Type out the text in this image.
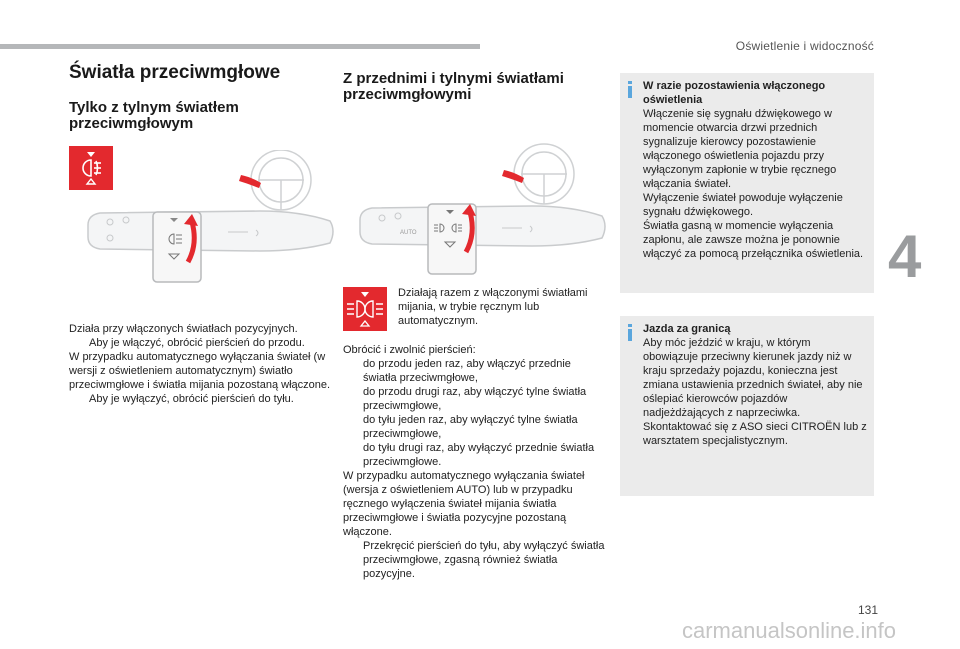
Oświetlenie i widoczność
4
131
carmanualsonline.info
Światła przeciwmgłowe
Tylko z tylnym światłem przeciwmgłowym
Z przednimi i tylnymi światłami przeciwmgłowymi
AUTO

Działa przy włączonych światłach pozycyjnych.

Aby je włączyć, obrócić pierścień do przodu.

W przypadku automatycznego wyłączania świateł (w wersji z oświetleniem automatycznym) światło przeciwmgłowe i światła mijania pozostaną włączone.

Aby je wyłączyć, obrócić pierścień do tyłu.

Działają razem z włączonymi światłami mijania, w trybie ręcznym lub automatycznym.

Obrócić i zwolnić pierścień:

do przodu jeden raz, aby włączyć przednie światła przeciwmgłowe,

do przodu drugi raz, aby włączyć tylne światła przeciwmgłowe,

do tyłu jeden raz, aby wyłączyć tylne światła przeciwmgłowe,

do tyłu drugi raz, aby wyłączyć przednie światła przeciwmgłowe.

W przypadku automatycznego wyłączania świateł (wersja z oświetleniem AUTO) lub w przypadku ręcznego wyłączenia świateł mijania światła przeciwmgłowe i światła pozycyjne pozostaną włączone.

Przekręcić pierścień do tyłu, aby wyłączyć światła przeciwmgłowe, zgasną również światła pozycyjne.

W razie pozostawienia włączonego oświetlenia

Włączenie się sygnału dźwiękowego w momencie otwarcia drzwi przednich sygnalizuje kierowcy pozostawienie włączonego oświetlenia pojazdu przy wyłączonym zapłonie w trybie ręcznego włączania świateł.
Wyłączenie świateł powoduje wyłączenie sygnału dźwiękowego.
Światła gasną w momencie wyłączenia zapłonu, ale zawsze można je ponownie włączyć za pomocą przełącznika oświetlenia.

Jazda za granicą

Aby móc jeździć w kraju, w którym obowiązuje przeciwny kierunek jazdy niż w kraju sprzedaży pojazdu, konieczna jest zmiana ustawienia przednich świateł, aby nie oślepiać kierowców pojazdów nadjeżdżających z naprzeciwka. Skontaktować się z ASO sieci CITROËN lub z warsztatem specjalistycznym.
